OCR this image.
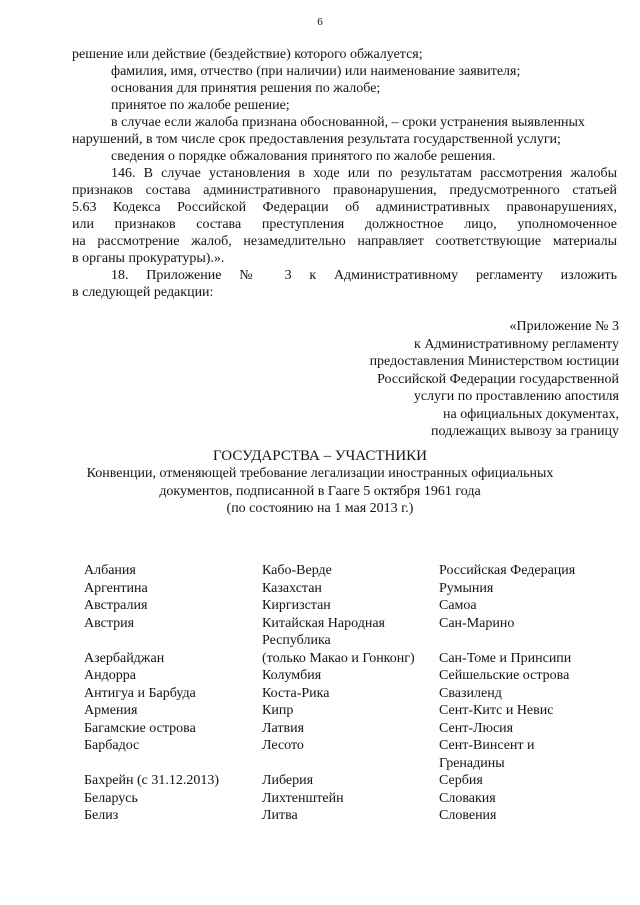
6
решение или действие (бездействие) которого обжалуется;
фамилия, имя, отчество (при наличии) или наименование заявителя;
основания для принятия решения по жалобе;
принятое по жалобе решение;
в случае если жалоба признана обоснованной, – сроки устранения выявленных
нарушений, в том числе срок предоставления результата государственной услуги;
сведения о порядке обжалования принятого по жалобе решения.
146. В случае установления в ходе или по результатам рассмотрения жалобы
признаков состава административного правонарушения, предусмотренного статьей
5.63 Кодекса Российской Федерации об административных правонарушениях,
или признаков состава преступления должностное лицо, уполномоченное
на рассмотрение жалоб, незамедлительно направляет соответствующие материалы
в органы прокуратуры).».
18. Приложение № 3 к Административному регламенту изложить
в следующей редакции:
«Приложение № 3
к Административному регламенту
предоставления Министерством юстиции
Российской Федерации государственной
услуги по проставлению апостиля
на официальных документах,
подлежащих вывозу за границу
ГОСУДАРСТВА – УЧАСТНИКИ
Конвенции, отменяющей требование легализации иностранных официальных
документов, подписанной в Гааге 5 октября 1961 года
(по состоянию на 1 мая 2013 г.)
Албания
Аргентина
Австралия
Австрия
Азербайджан
Андорра
Антигуа и Барбуда
Армения
Багамские острова
Барбадос
Бахрейн (с 31.12.2013)
Беларусь
Белиз
Кабо-Верде
Казахстан
Киргизстан
Китайская Народная
Республика
(только Макао и Гонконг)
Колумбия
Коста-Рика
Кипр
Латвия
Лесото
Либерия
Лихтенштейн
Литва
Российская Федерация
Румыния
Самоа
Сан-Марино
Сан-Томе и Принсипи
Сейшельские острова
Свазиленд
Сент-Китс и Невис
Сент-Люсия
Сент-Винсент и
Гренадины
Сербия
Словакия
Словения
